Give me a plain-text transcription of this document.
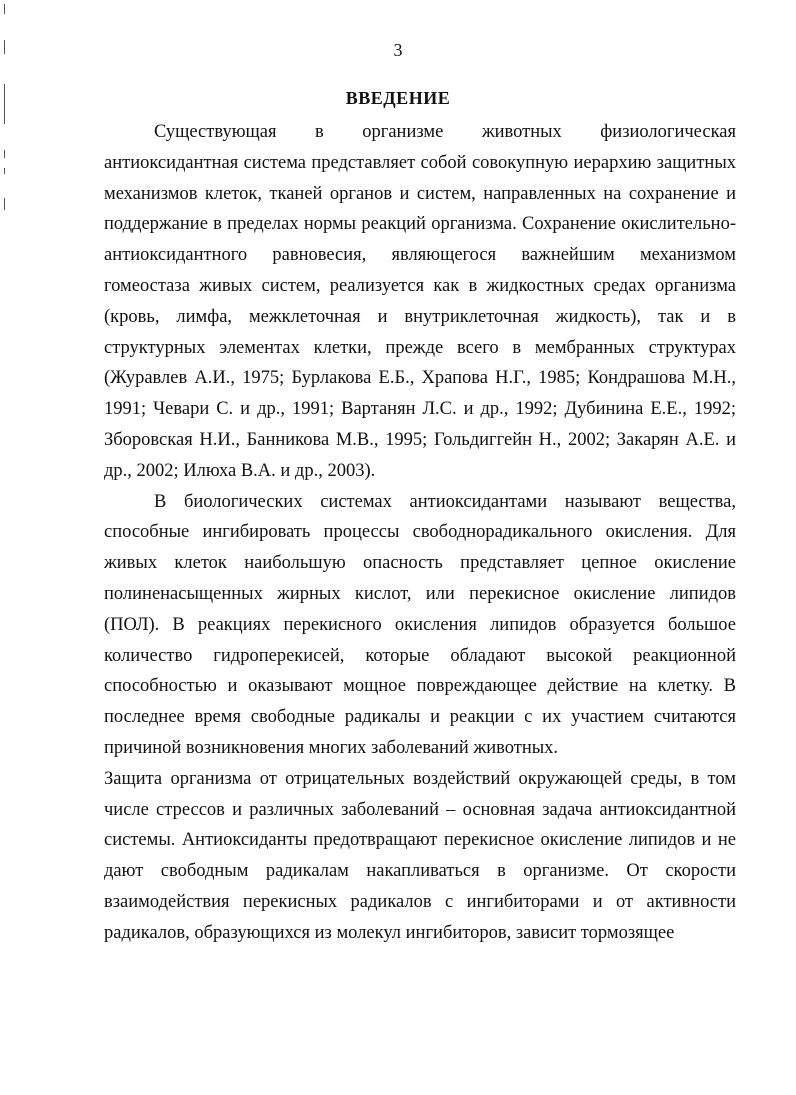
3
ВВЕДЕНИЕ

Существующая в организме животных физиологическая антиоксидантная система представляет собой совокупную иерархию защитных механизмов клеток, тканей органов и систем, направленных на сохранение и поддержание в пределах нормы реакций организма. Сохранение окислительно-антиоксидантного равновесия, являющегося важнейшим механизмом гомеостаза живых систем, реализуется как в жидкостных средах организма (кровь, лимфа, межклеточная и внутриклеточная жидкость), так и в структурных элементах клетки, прежде всего в мембранных структурах (Журавлев А.И., 1975; Бурлакова Е.Б., Храпова Н.Г., 1985; Кондрашова М.Н., 1991; Чевари С. и др., 1991; Вартанян Л.С. и др., 1992; Дубинина Е.Е., 1992; Зборовская Н.И., Банникова М.В., 1995; Гольдиггейн Н., 2002; Закарян А.Е. и др., 2002; Илюха В.А. и др., 2003).

В биологических системах антиоксидантами называют вещества, способные ингибировать процессы свободнорадикального окисления. Для живых клеток наибольшую опасность представляет цепное окисление полиненасыщенных жирных кислот, или перекисное окисление липидов (ПОЛ). В реакциях перекисного окисления липидов образуется большое количество гидроперекисей, которые обладают высокой реакционной способностью и оказывают мощное повреждающее действие на клетку. В последнее время свободные радикалы и реакции с их участием считаются причиной возникновения многих заболеваний животных.

Защита организма от отрицательных воздействий окружающей среды, в том числе стрессов и различных заболеваний – основная задача антиоксидантной системы. Антиоксиданты предотвращают перекисное окисление липидов и не дают свободным радикалам накапливаться в организме. От скорости взаимодействия перекисных радикалов с ингибиторами и от активности радикалов, образующихся из молекул ингибиторов, зависит тормозящее
